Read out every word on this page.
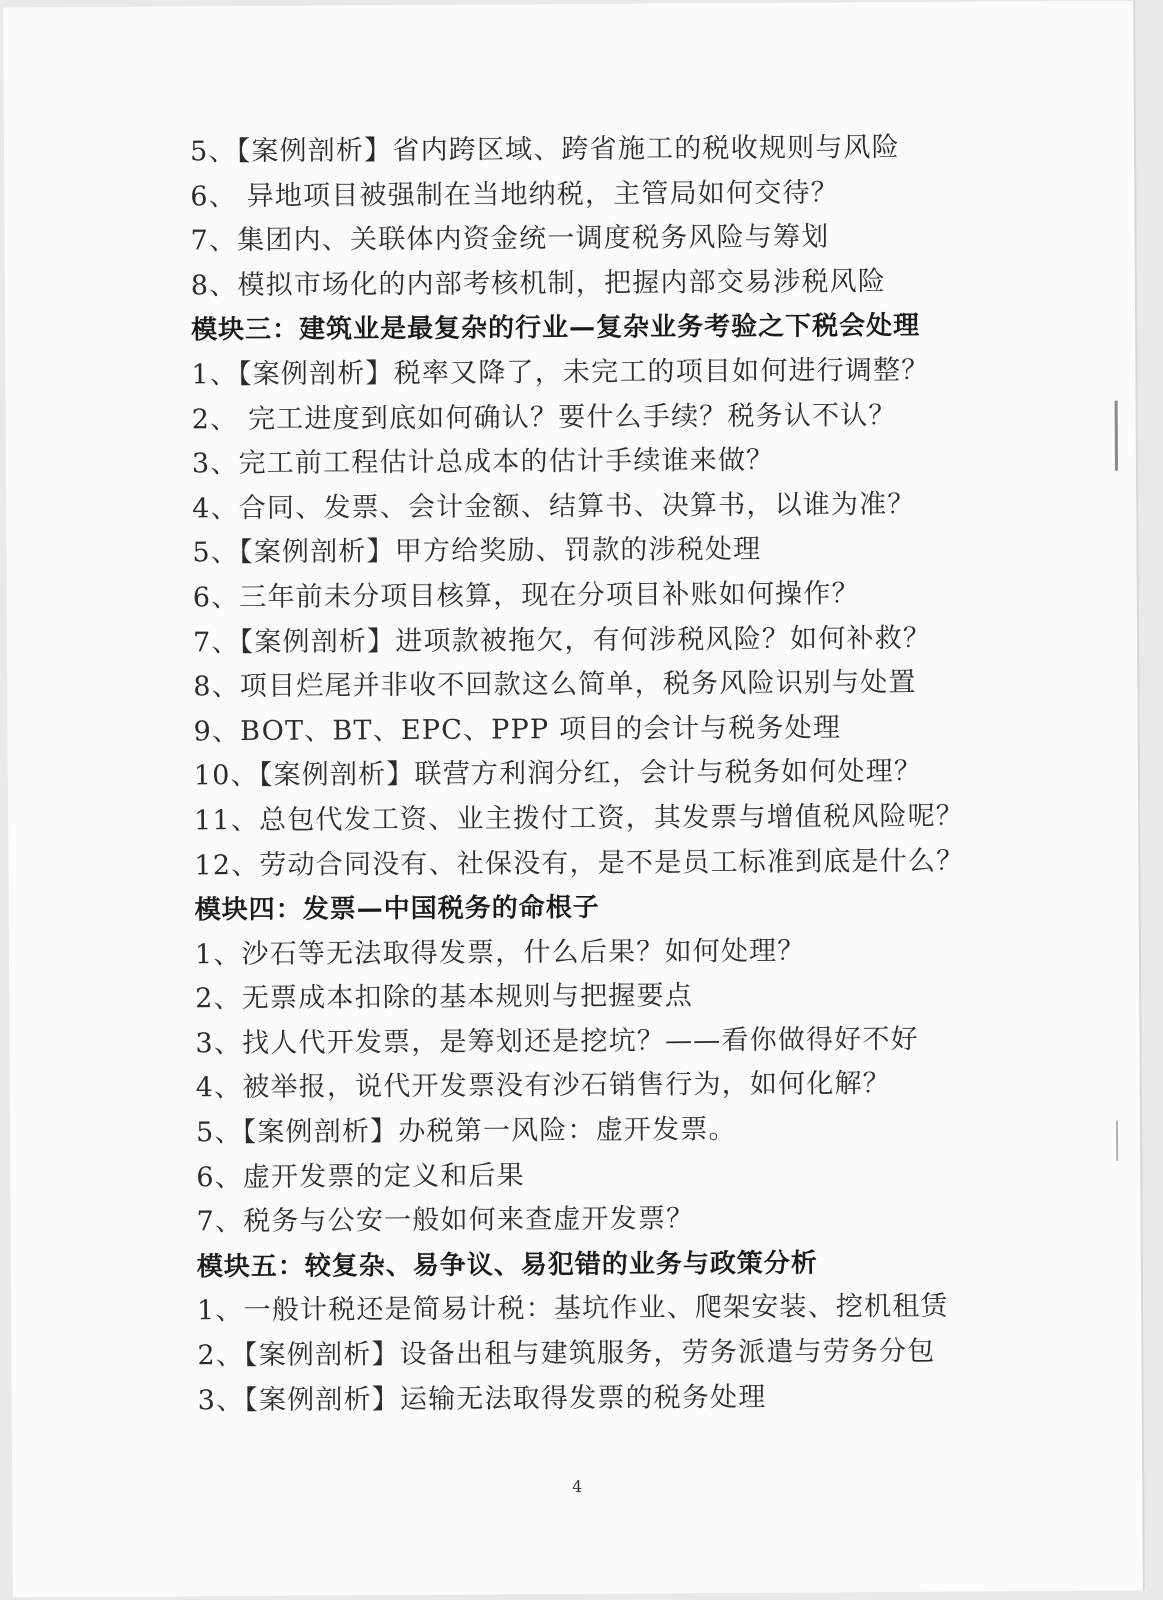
5、【案例剖析】省内跨区域、跨省施工的税收规则与风险
6、 异地项目被强制在当地纳税，主管局如何交待？
7、集团内、关联体内资金统一调度税务风险与筹划
8、模拟市场化的内部考核机制，把握内部交易涉税风险
模块三：建筑业是最复杂的行业—复杂业务考验之下税会处理
1、【案例剖析】税率又降了，未完工的项目如何进行调整？
2、 完工进度到底如何确认？要什么手续？税务认不认？
3、完工前工程估计总成本的估计手续谁来做？
4、合同、发票、会计金额、结算书、决算书，以谁为准？
5、【案例剖析】甲方给奖励、罚款的涉税处理
6、三年前未分项目核算，现在分项目补账如何操作？
7、【案例剖析】进项款被拖欠，有何涉税风险？如何补救？
8、项目烂尾并非收不回款这么简单，税务风险识别与处置
9、BOT、BT、EPC、PPP 项目的会计与税务处理
10、【案例剖析】联营方利润分红，会计与税务如何处理？
11、总包代发工资、业主拨付工资，其发票与增值税风险呢？
12、劳动合同没有、社保没有，是不是员工标准到底是什么？
模块四：发票—中国税务的命根子
1、沙石等无法取得发票，什么后果？如何处理？
2、无票成本扣除的基本规则与把握要点
3、找人代开发票，是筹划还是挖坑？——看你做得好不好
4、被举报，说代开发票没有沙石销售行为，如何化解？
5、【案例剖析】办税第一风险：虚开发票。
6、虚开发票的定义和后果
7、税务与公安一般如何来查虚开发票？
模块五：较复杂、易争议、易犯错的业务与政策分析
1、一般计税还是简易计税：基坑作业、爬架安装、挖机租赁
2、【案例剖析】设备出租与建筑服务，劳务派遣与劳务分包
3、【案例剖析】运输无法取得发票的税务处理
4
